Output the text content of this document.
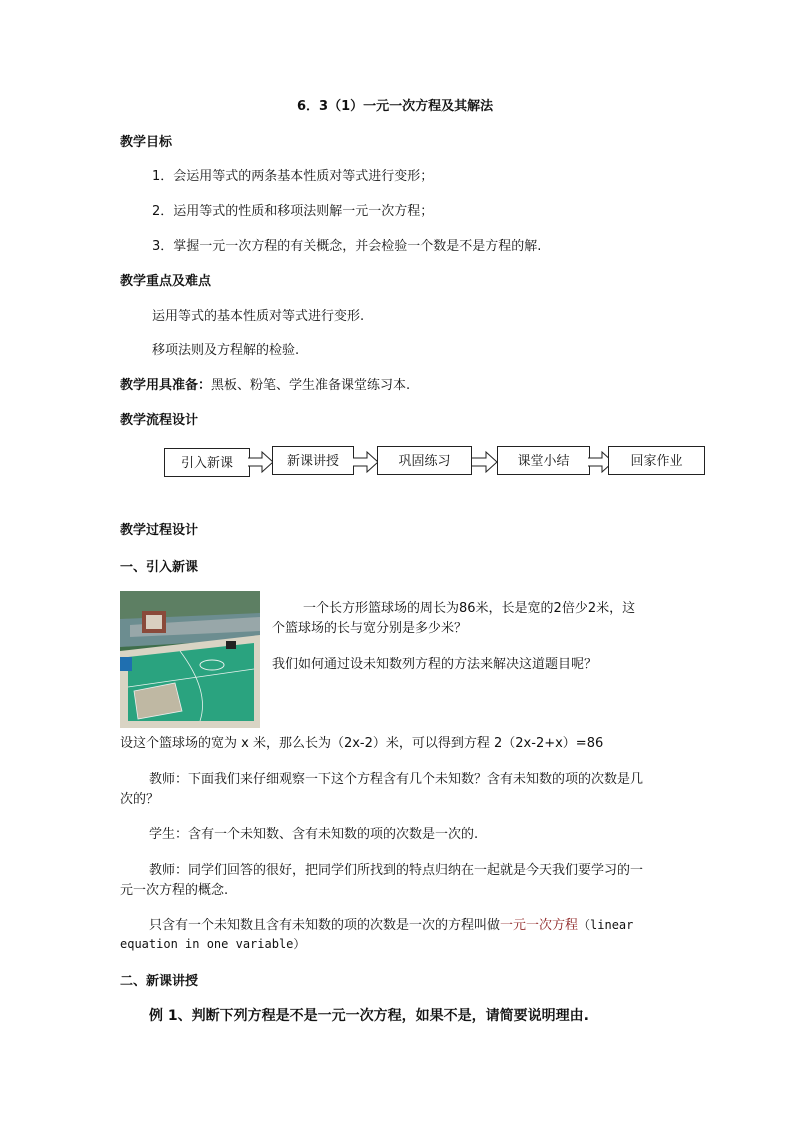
6．3（1）一元一次方程及其解法
教学目标
1．会运用等式的两条基本性质对等式进行变形；
2．运用等式的性质和移项法则解一元一次方程；
3．掌握一元一次方程的有关概念，并会检验一个数是不是方程的解.
教学重点及难点
运用等式的基本性质对等式进行变形.
移项法则及方程解的检验.
教学用具准备：黑板、粉笔、学生准备课堂练习本.
教学流程设计
引入新课	新课讲授	巩固练习	课堂小结	回家作业
教学过程设计
一、引入新课
一个长方形篮球场的周长为86米，长是宽的2倍少2米，这
个篮球场的长与宽分别是多少米？
我们如何通过设未知数列方程的方法来解决这道题目呢？
设这个篮球场的宽为 x 米，那么长为（2x-2）米，可以得到方程 2（2x-2+x）=86
教师：下面我们来仔细观察一下这个方程含有几个未知数？含有未知数的项的次数是几
次的？
学生：含有一个未知数、含有未知数的项的次数是一次的.
教师：同学们回答的很好，把同学们所找到的特点归纳在一起就是今天我们要学习的一
元一次方程的概念.
只含有一个未知数且含有未知数的项的次数是一次的方程叫做一元一次方程（linear
equation in one variable）
二、新课讲授
例 1、判断下列方程是不是一元一次方程，如果不是，请简要说明理由.
